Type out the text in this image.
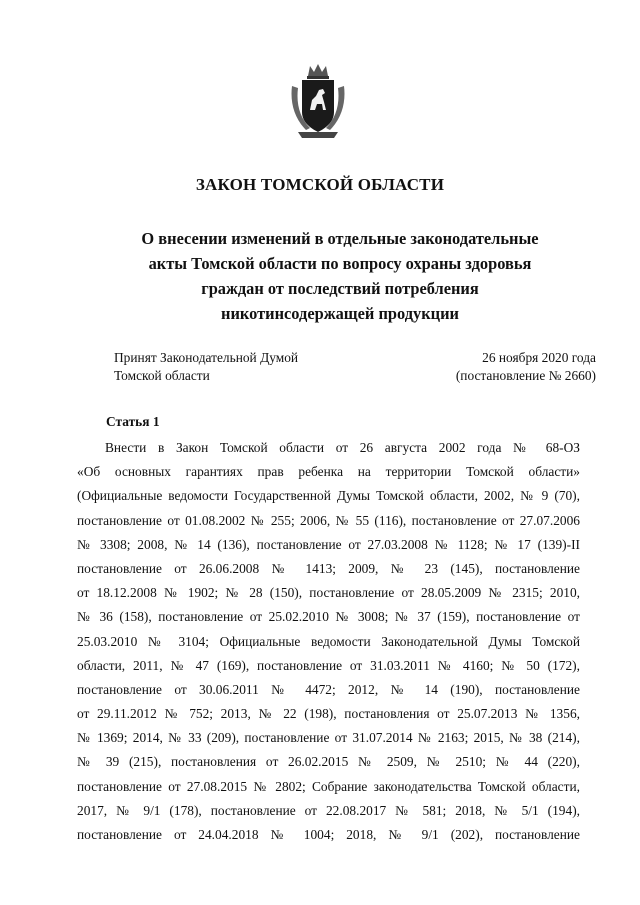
ЗАКОН ТОМСКОЙ ОБЛАСТИ
О внесении изменений в отдельные законодательные
акты Томской области по вопросу охраны здоровья
граждан от последствий потребления
никотинсодержащей продукции
Принят Законодательной Думой
Томской области
26 ноября 2020 года
(постановление № 2660)
Статья 1
Внести в Закон Томской области от 26 августа 2002 года № 68-ОЗ
«Об основных гарантиях прав ребенка на территории Томской области»
(Официальные ведомости Государственной Думы Томской области, 2002, № 9 (70),
постановление от 01.08.2002 № 255; 2006, № 55 (116), постановление от 27.07.2006
№ 3308; 2008, № 14 (136), постановление от 27.03.2008 № 1128; № 17 (139)-II
постановление от 26.06.2008 № 1413; 2009, № 23 (145), постановление
от 18.12.2008 № 1902; № 28 (150), постановление от 28.05.2009 № 2315; 2010,
№ 36 (158), постановление от 25.02.2010 № 3008; № 37 (159), постановление от
25.03.2010 № 3104; Официальные ведомости Законодательной Думы Томской
области, 2011, № 47 (169), постановление от 31.03.2011 № 4160; № 50 (172),
постановление от 30.06.2011 № 4472; 2012, № 14 (190), постановление
от 29.11.2012 № 752; 2013, № 22 (198), постановления от 25.07.2013 № 1356,
№ 1369; 2014, № 33 (209), постановление от 31.07.2014 № 2163; 2015, № 38 (214),
№ 39 (215), постановления от 26.02.2015 № 2509, № 2510; № 44 (220),
постановление от 27.08.2015 № 2802; Собрание законодательства Томской области,
2017, № 9/1 (178), постановление от 22.08.2017 № 581; 2018, № 5/1 (194),
постановление от 24.04.2018 № 1004; 2018, № 9/1 (202), постановление
